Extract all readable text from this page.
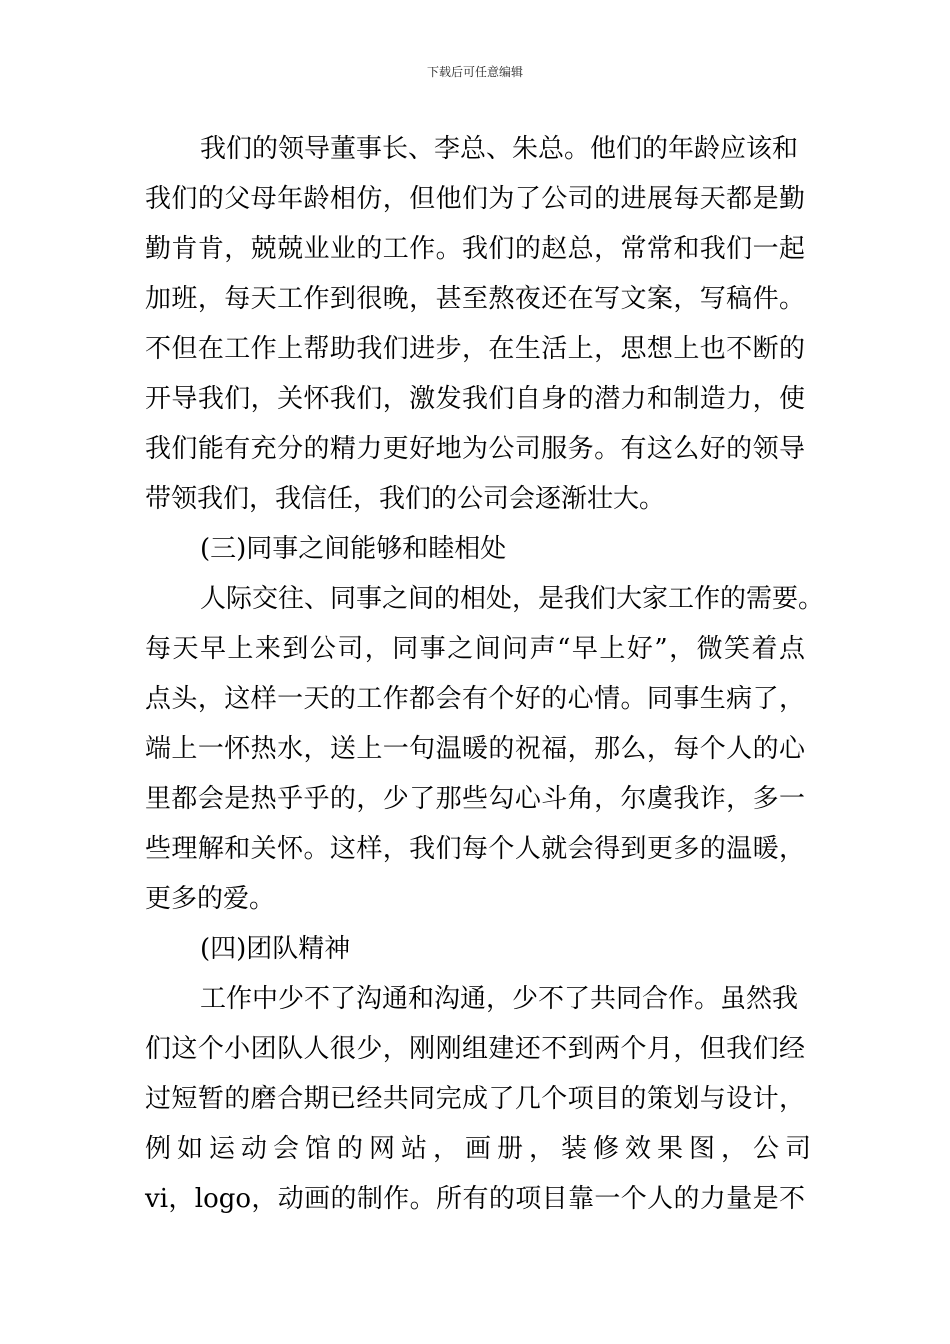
下载后可任意编辑
我们的领导董事长、李总、朱总。他们的年龄应该和
我们的父母年龄相仿，但他们为了公司的进展每天都是勤
勤肯肯，兢兢业业的工作。我们的赵总，常常和我们一起
加班，每天工作到很晚，甚至熬夜还在写文案，写稿件。
不但在工作上帮助我们进步，在生活上，思想上也不断的
开导我们，关怀我们，激发我们自身的潜力和制造力，使
我们能有充分的精力更好地为公司服务。有这么好的领导
带领我们，我信任，我们的公司会逐渐壮大。
(三)同事之间能够和睦相处
人际交往、同事之间的相处，是我们大家工作的需要。
每天早上来到公司，同事之间问声“早上好”，微笑着点
点头，这样一天的工作都会有个好的心情。同事生病了，
端上一怀热水，送上一句温暖的祝福，那么，每个人的心
里都会是热乎乎的，少了那些勾心斗角，尔虞我诈，多一
些理解和关怀。这样，我们每个人就会得到更多的温暖，
更多的爱。
(四)团队精神
工作中少不了沟通和沟通，少不了共同合作。虽然我
们这个小团队人很少，刚刚组建还不到两个月，但我们经
过短暂的磨合期已经共同完成了几个项目的策划与设计，
例如运动会馆的网站，画册，装修效果图，公司
vi，logo，动画的制作。所有的项目靠一个人的力量是不
